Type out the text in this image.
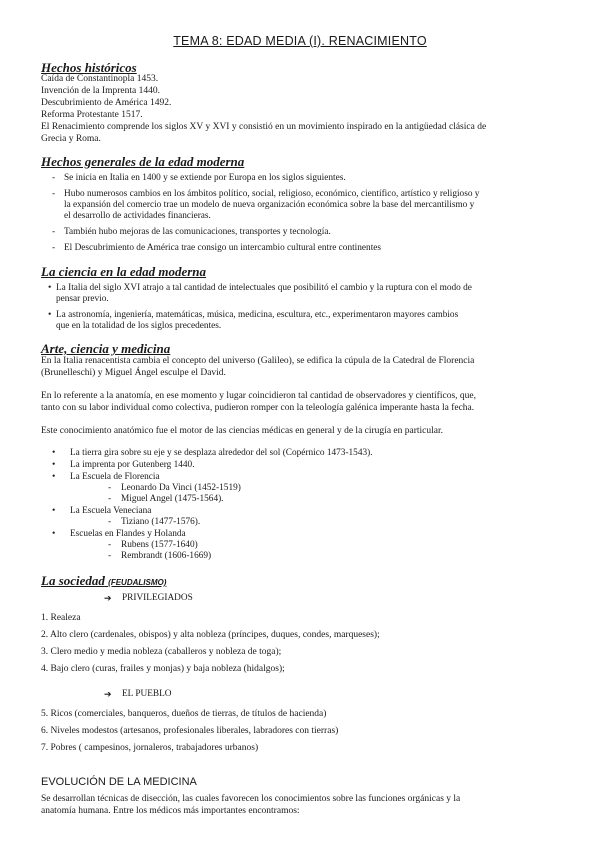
TEMA 8: EDAD MEDIA (I). RENACIMIENTO
Hechos históricos
Caída de Constantinopla 1453.
Invención de la Imprenta 1440.
Descubrimiento de América 1492.
Reforma Protestante 1517.
El Renacimiento comprende los siglos XV y XVI y consistió en un movimiento inspirado en la antigüedad clásica de
Grecia y Roma.
Hechos generales de la edad moderna
- Se inicia en Italia en 1400 y se extiende por Europa en los siglos siguientes.
- Hubo numerosos cambios en los ámbitos político, social, religioso, económico, científico, artístico y religioso y
la expansión del comercio trae un modelo de nueva organización económica sobre la base del mercantilismo y
el desarrollo de actividades financieras.
- También hubo mejoras de las comunicaciones, transportes y tecnología.
- El Descubrimiento de América trae consigo un intercambio cultural entre continentes
La ciencia en la edad moderna
• La Italia del siglo XVI atrajo a tal cantidad de intelectuales que posibilitó el cambio y la ruptura con el modo de
pensar previo.
• La astronomía, ingeniería, matemáticas, música, medicina, escultura, etc., experimentaron mayores cambios
que en la totalidad de los siglos precedentes.
Arte, ciencia y medicina
En la Italia renacentista cambia el concepto del universo (Galileo), se edifica la cúpula de la Catedral de Florencia
(Brunelleschi) y Miguel Ángel esculpe el David.
En lo referente a la anatomía, en ese momento y lugar coincidieron tal cantidad de observadores y científicos, que,
tanto con su labor individual como colectiva, pudieron romper con la teleología galénica imperante hasta la fecha.
Este conocimiento anatómico fue el motor de las ciencias médicas en general y de la cirugía en particular.
• La tierra gira sobre su eje y se desplaza alrededor del sol (Copérnico 1473-1543).
• La imprenta por Gutenberg 1440.
• La Escuela de Florencia
- Leonardo Da Vinci (1452-1519)
- Miguel Angel (1475-1564).
• La Escuela Veneciana
- Tiziano (1477-1576).
• Escuelas en Flandes y Holanda
- Rubens (1577-1640)
- Rembrandt (1606-1669)
La sociedad (FEUDALISMO)
➔ PRIVILEGIADOS
1. Realeza
2. Alto clero (cardenales, obispos) y alta nobleza (príncipes, duques, condes, marqueses);
3. Clero medio y media nobleza (caballeros y nobleza de toga);
4. Bajo clero (curas, frailes y monjas) y baja nobleza (hidalgos);
➔ EL PUEBLO
5. Ricos (comerciales, banqueros, dueños de tierras, de títulos de hacienda)
6. Niveles modestos (artesanos, profesionales liberales, labradores con tierras)
7. Pobres ( campesinos, jornaleros, trabajadores urbanos)
EVOLUCIÓN DE LA MEDICINA
Se desarrollan técnicas de disección, las cuales favorecen los conocimientos sobre las funciones orgánicas y la
anatomía humana. Entre los médicos más importantes encontramos:
